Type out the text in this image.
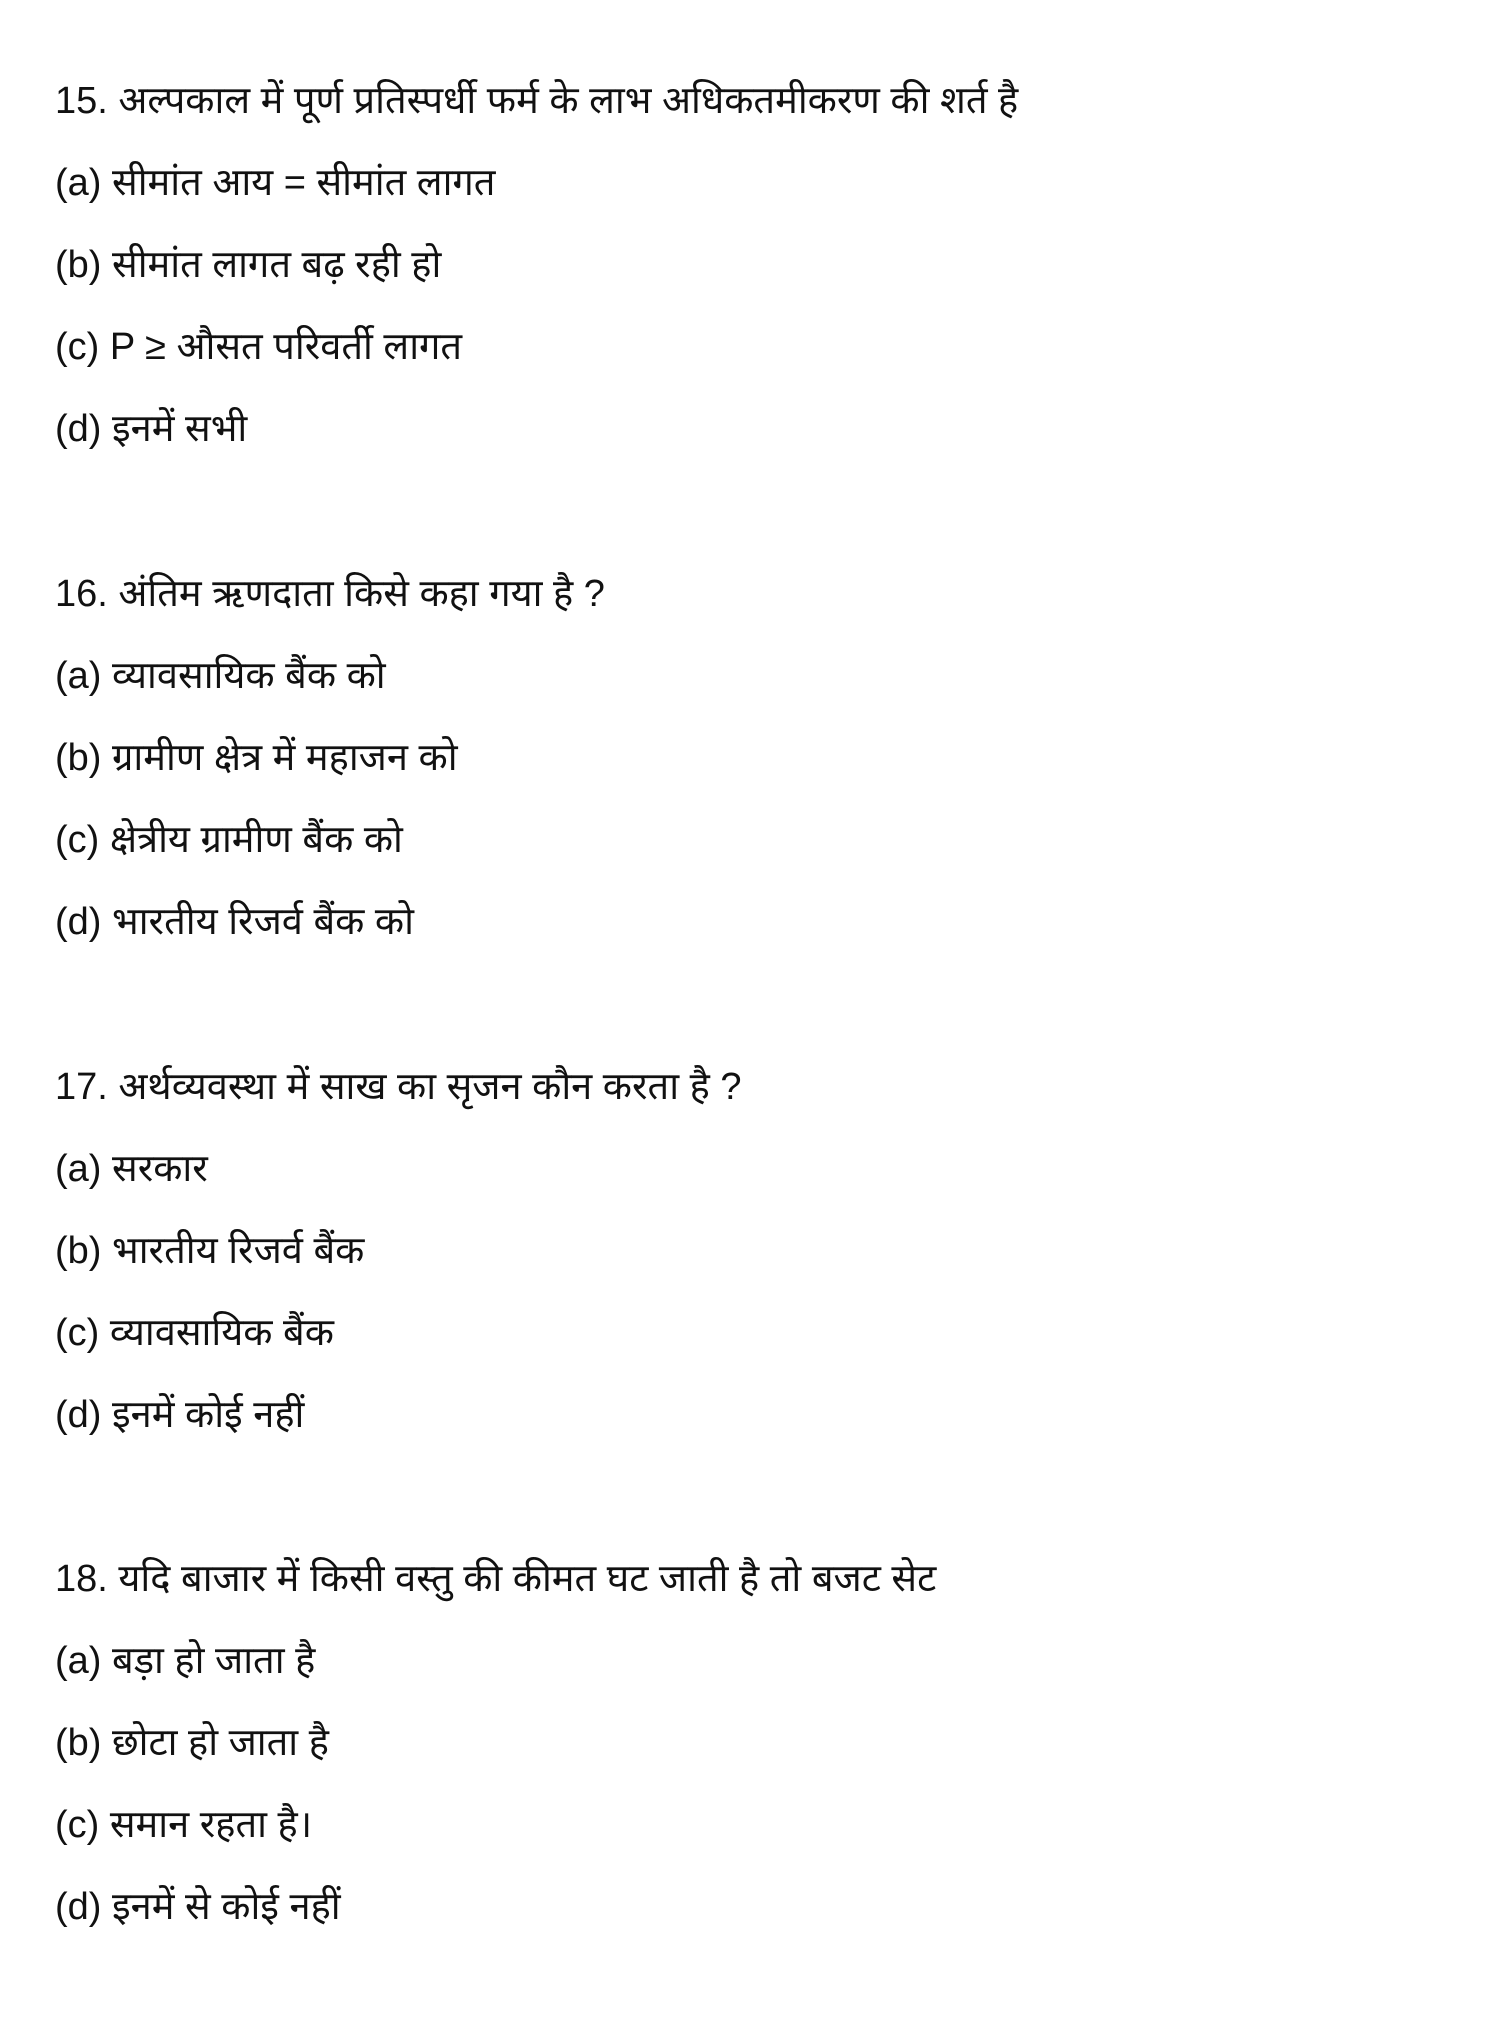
15. अल्पकाल में पूर्ण प्रतिस्पर्धी फर्म के लाभ अधिकतमीकरण की शर्त है
(a) सीमांत आय = सीमांत लागत
(b) सीमांत लागत बढ़ रही हो
(c) P ≥ औसत परिवर्ती लागत
(d) इनमें सभी
16. अंतिम ऋणदाता किसे कहा गया है ?
(a) व्यावसायिक बैंक को
(b) ग्रामीण क्षेत्र में महाजन को
(c) क्षेत्रीय ग्रामीण बैंक को
(d) भारतीय रिजर्व बैंक को
17. अर्थव्यवस्था में साख का सृजन कौन करता है ?
(a) सरकार
(b) भारतीय रिजर्व बैंक
(c) व्यावसायिक बैंक
(d) इनमें कोई नहीं
18. यदि बाजार में किसी वस्तु की कीमत घट जाती है तो बजट सेट
(a) बड़ा हो जाता है
(b) छोटा हो जाता है
(c) समान रहता है।
(d) इनमें से कोई नहीं
